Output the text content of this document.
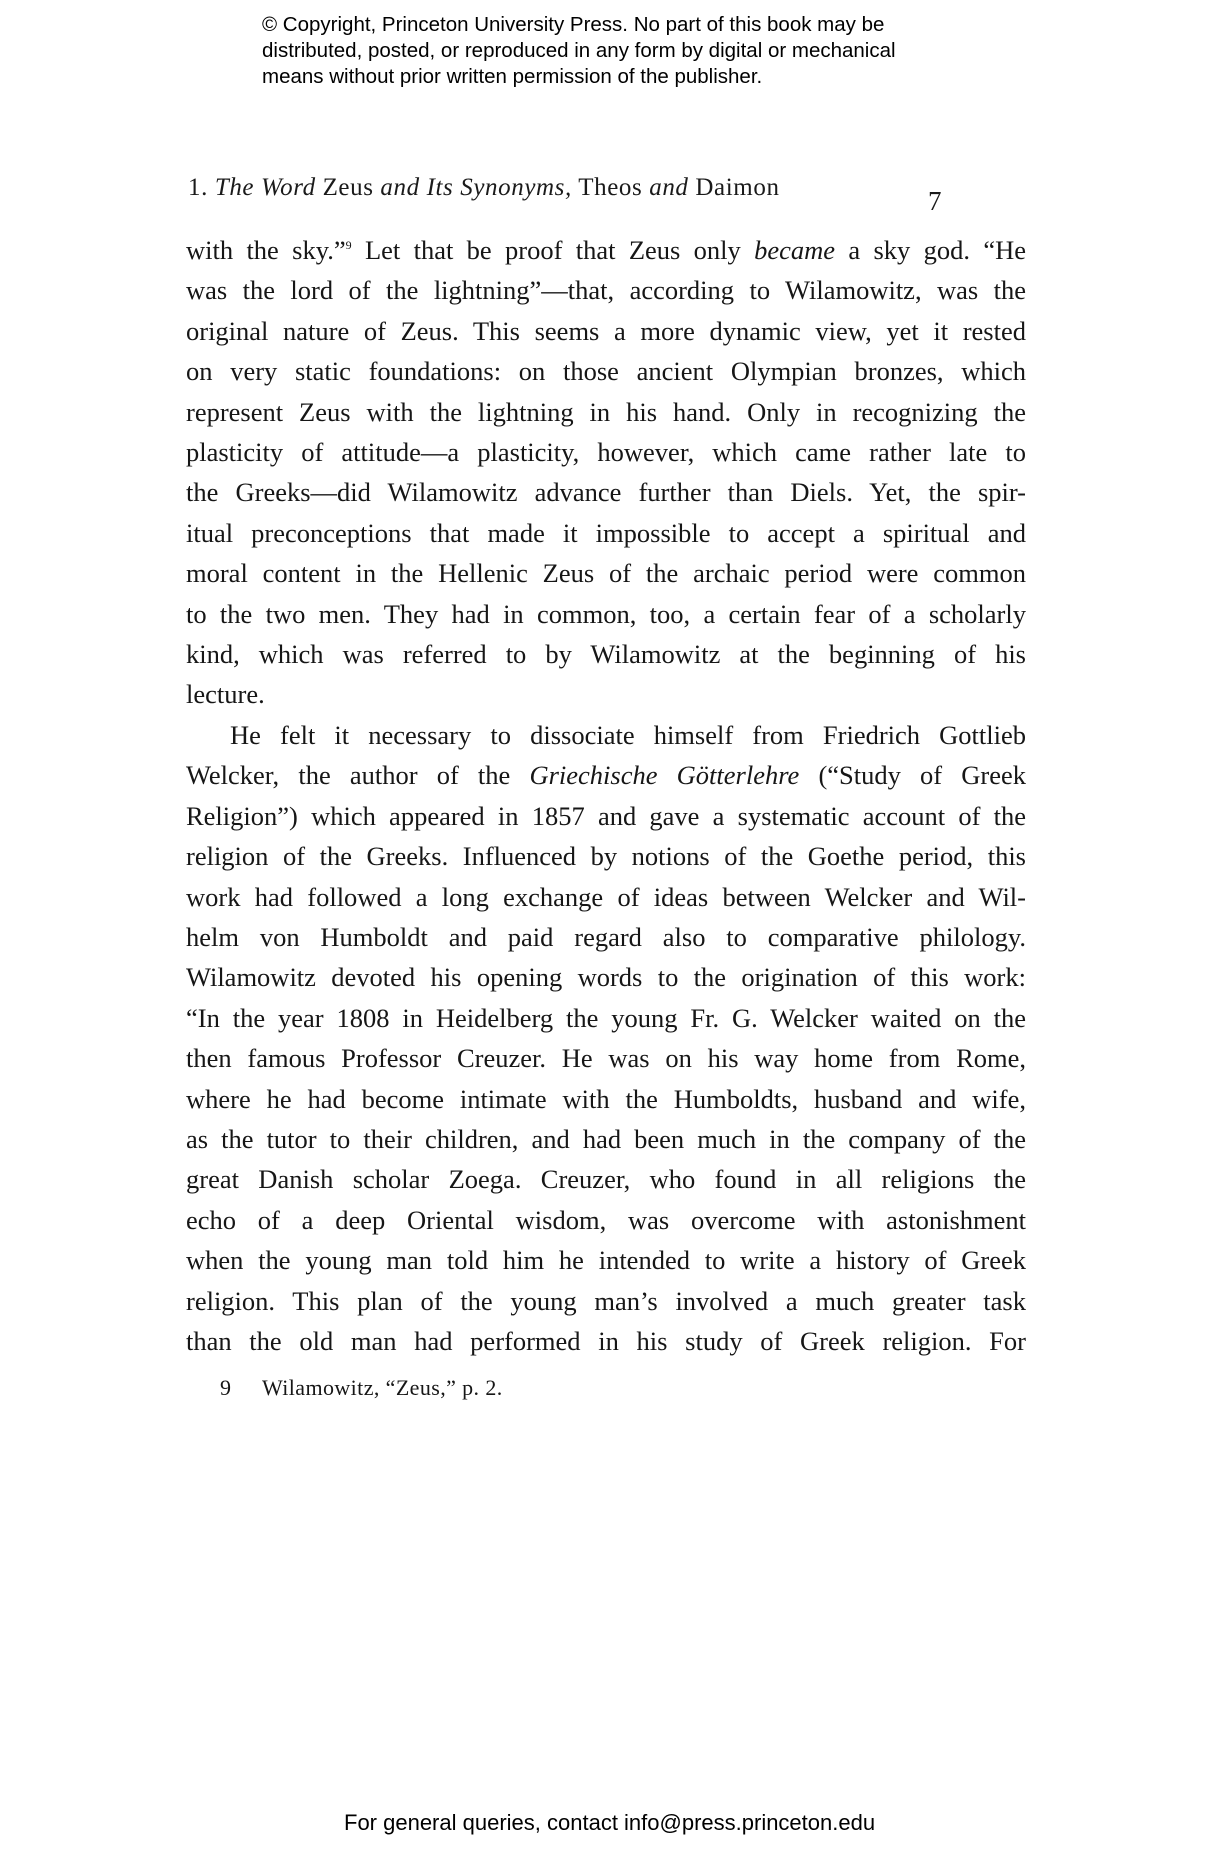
© Copyright, Princeton University Press. No part of this book may be
distributed, posted, or reproduced in any form by digital or mechanical
means without prior written permission of the publisher.
1. The Word Zeus and Its Synonyms, Theos and Daimon	7
with the sky.”$^9$ Let that be proof that Zeus only became a sky god. “He
was the lord of the lightning”—that, according to Wilamowitz, was the
original nature of Zeus. This seems a more dynamic view, yet it rested
on very static foundations: on those ancient Olympian bronzes, which
represent Zeus with the lightning in his hand. Only in recognizing the
plasticity of attitude—a plasticity, however, which came rather late to
the Greeks—did Wilamowitz advance further than Diels. Yet, the spir-
itual preconceptions that made it impossible to accept a spiritual and
moral content in the Hellenic Zeus of the archaic period were common
to the two men. They had in common, too, a certain fear of a scholarly
kind, which was referred to by Wilamowitz at the beginning of his
lecture.
He felt it necessary to dissociate himself from Friedrich Gottlieb
Welcker, the author of the Griechische Götterlehre (“Study of Greek
Religion”) which appeared in 1857 and gave a systematic account of the
religion of the Greeks. Influenced by notions of the Goethe period, this
work had followed a long exchange of ideas between Welcker and Wil-
helm von Humboldt and paid regard also to comparative philology.
Wilamowitz devoted his opening words to the origination of this work:
“In the year 1808 in Heidelberg the young Fr. G. Welcker waited on the
then famous Professor Creuzer. He was on his way home from Rome,
where he had become intimate with the Humboldts, husband and wife,
as the tutor to their children, and had been much in the company of the
great Danish scholar Zoega. Creuzer, who found in all religions the
echo of a deep Oriental wisdom, was overcome with astonishment
when the young man told him he intended to write a history of Greek
religion. This plan of the young man’s involved a much greater task
than the old man had performed in his study of Greek religion. For
9 Wilamowitz, “Zeus,” p. 2.
For general queries, contact info@press.princeton.edu
